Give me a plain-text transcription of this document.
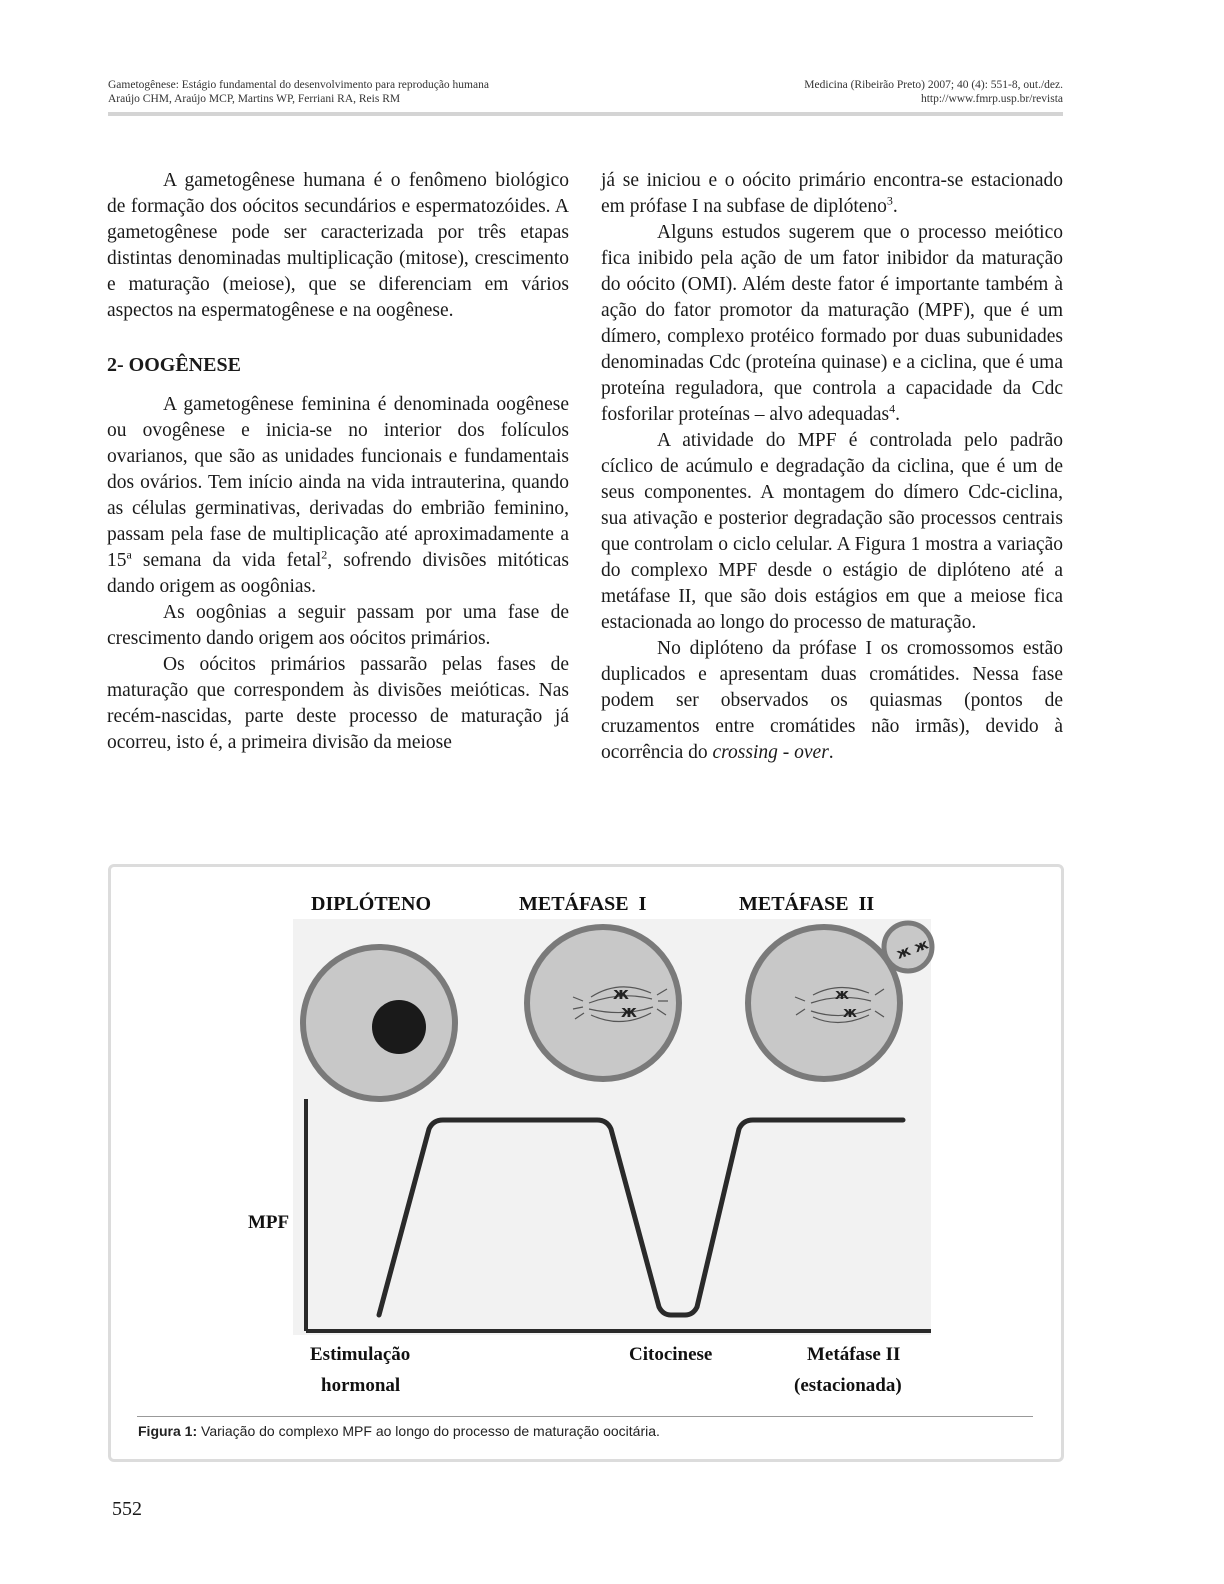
Gametogênese: Estágio fundamental do desenvolvimento para reprodução humana
Araújo CHM, Araújo MCP, Martins WP, Ferriani RA, Reis RM
Medicina (Ribeirão Preto) 2007; 40 (4): 551-8, out./dez.
http://www.fmrp.usp.br/revista

A gametogênese humana é o fenômeno biológico de formação dos oócitos secundários e espermatozóides. A gametogênese pode ser caracterizada por três etapas distintas denominadas multiplicação (mitose), crescimento e maturação (meiose), que se diferenciam em vários aspectos na espermatogênese e na oogênese.

2- OOGÊNESE

A gametogênese feminina é denominada oogênese ou ovogênese e inicia-se no interior dos folículos ovarianos, que são as unidades funcionais e fundamentais dos ovários. Tem início ainda na vida intrauterina, quando as células germinativas, derivadas do embrião feminino, passam pela fase de multiplicação até aproximadamente a 15$^a$ semana da vida fetal$^2$, sofrendo divisões mitóticas dando origem as oogônias.

As oogônias a seguir passam por uma fase de crescimento dando origem aos oócitos primários.

Os oócitos primários passarão pelas fases de maturação que correspondem às divisões meióticas. Nas recém-nascidas, parte deste processo de maturação já ocorreu, isto é, a primeira divisão da meiose

já se iniciou e o oócito primário encontra-se estacionado em prófase I na subfase de diplóteno$^3$.

Alguns estudos sugerem que o processo meiótico fica inibido pela ação de um fator inibidor da maturação do oócito (OMI). Além deste fator é importante também à ação do fator promotor da maturação (MPF), que é um dímero, complexo protéico formado por duas subunidades denominadas Cdc (proteína quinase) e a ciclina, que é uma proteína reguladora, que controla a capacidade da Cdc fosforilar proteínas – alvo adequadas$^4$.

A atividade do MPF é controlada pelo padrão cíclico de acúmulo e degradação da ciclina, que é um de seus componentes. A montagem do dímero Cdc-ciclina, sua ativação e posterior degradação são processos centrais que controlam o ciclo celular. A Figura 1 mostra a variação do complexo MPF desde o estágio de diplóteno até a metáfase II, que são dois estágios em que a meiose fica estacionada ao longo do processo de maturação.

No diplóteno da prófase I os cromossomos estão duplicados e apresentam duas cromátides. Nessa fase podem ser observados os quiasmas (pontos de cruzamentos entre cromátides não irmãs), devido à ocorrência do crossing - over.

DIPLÓTENO	METÁFASE  I	METÁFASE  II
ж
ж
ж
ж
ж ж
MPF
Estimulação
hormonal
Citocinese	Metáfase II
(estacionada)
Figura 1: Variação do complexo MPF ao longo do processo de maturação oocitária.
552
